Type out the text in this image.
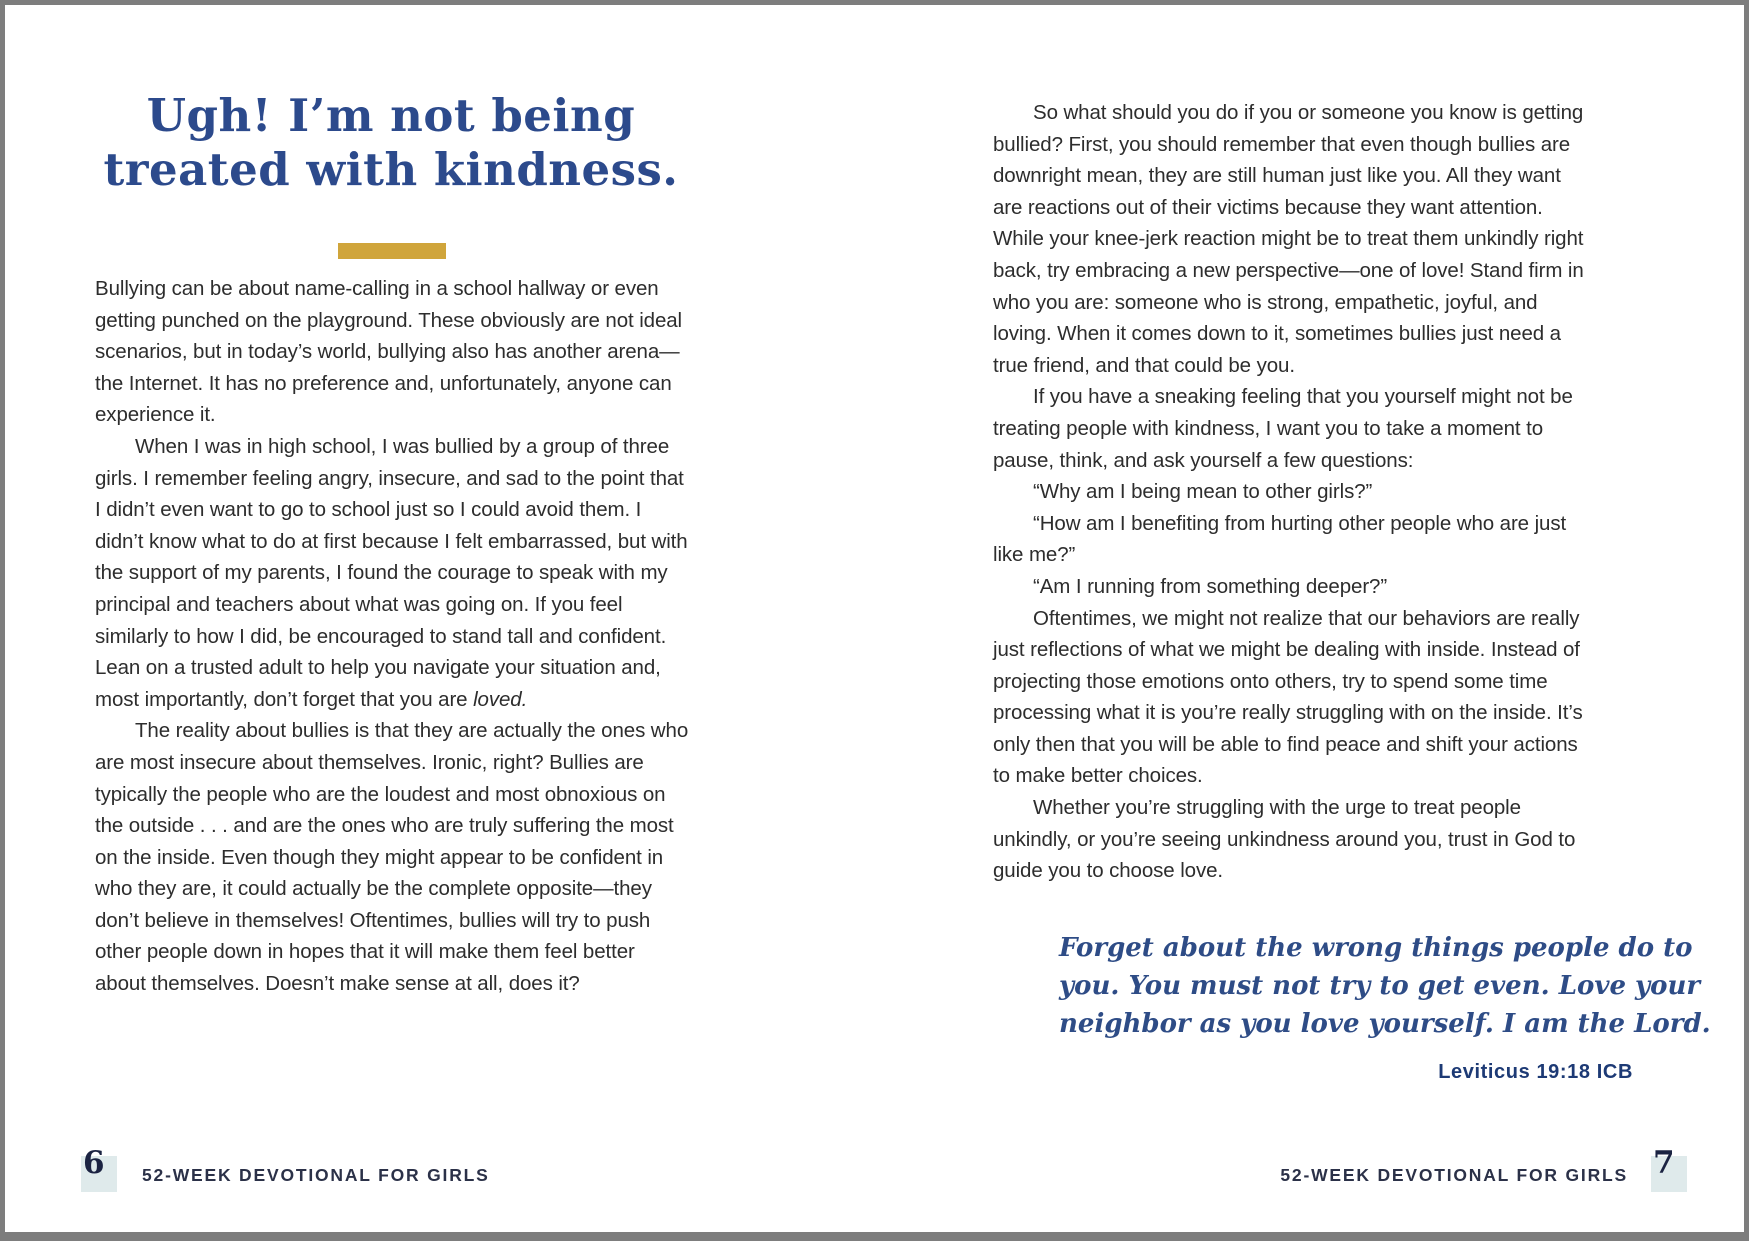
Ugh! I’m not being
treated with kindness.

Bullying can be about name-calling in a school hallway or even getting punched on the playground. These obviously are not ideal scenarios, but in today’s world, bullying also has another arena—the Internet. It has no preference and, unfortunately, anyone can experience it.

When I was in high school, I was bullied by a group of three girls. I remember feeling angry, insecure, and sad to the point that I didn’t even want to go to school just so I could avoid them. I didn’t know what to do at first because I felt embarrassed, but with the support of my parents, I found the courage to speak with my principal and teachers about what was going on. If you feel similarly to how I did, be encouraged to stand tall and confident. Lean on a trusted adult to help you navigate your situation and, most importantly, don’t forget that you are loved.

The reality about bullies is that they are actually the ones who are most insecure about themselves. Ironic, right? Bullies are typically the people who are the loudest and most obnoxious on the outside . . . and are the ones who are truly suffering the most on the inside. Even though they might appear to be confident in who they are, it could actually be the complete opposite—they don’t believe in themselves! Oftentimes, bullies will try to push other people down in hopes that it will make them feel better about themselves. Doesn’t make sense at all, does it?

6 52-WEEK DEVOTIONAL FOR GIRLS

So what should you do if you or someone you know is getting bullied? First, you should remember that even though bullies are downright mean, they are still human just like you. All they want are reactions out of their victims because they want attention. While your knee-jerk reaction might be to treat them unkindly right back, try embracing a new perspective—one of love! Stand firm in who you are: someone who is strong, empathetic, joyful, and loving. When it comes down to it, sometimes bullies just need a true friend, and that could be you.

If you have a sneaking feeling that you yourself might not be treating people with kindness, I want you to take a moment to pause, think, and ask yourself a few questions:

“Why am I being mean to other girls?”

“How am I benefiting from hurting other people who are just like me?”

“Am I running from something deeper?”

Oftentimes, we might not realize that our behaviors are really just reflections of what we might be dealing with inside. Instead of projecting those emotions onto others, try to spend some time processing what it is you’re really struggling with on the inside. It’s only then that you will be able to find peace and shift your actions to make better choices.

Whether you’re struggling with the urge to treat people unkindly, or you’re seeing unkindness around you, trust in God to guide you to choose love.

Forget about the wrong things people do to
you. You must not try to get even. Love your
neighbor as you love yourself. I am the Lord.
Leviticus 19:18 ICB
52-WEEK DEVOTIONAL FOR GIRLS 7
